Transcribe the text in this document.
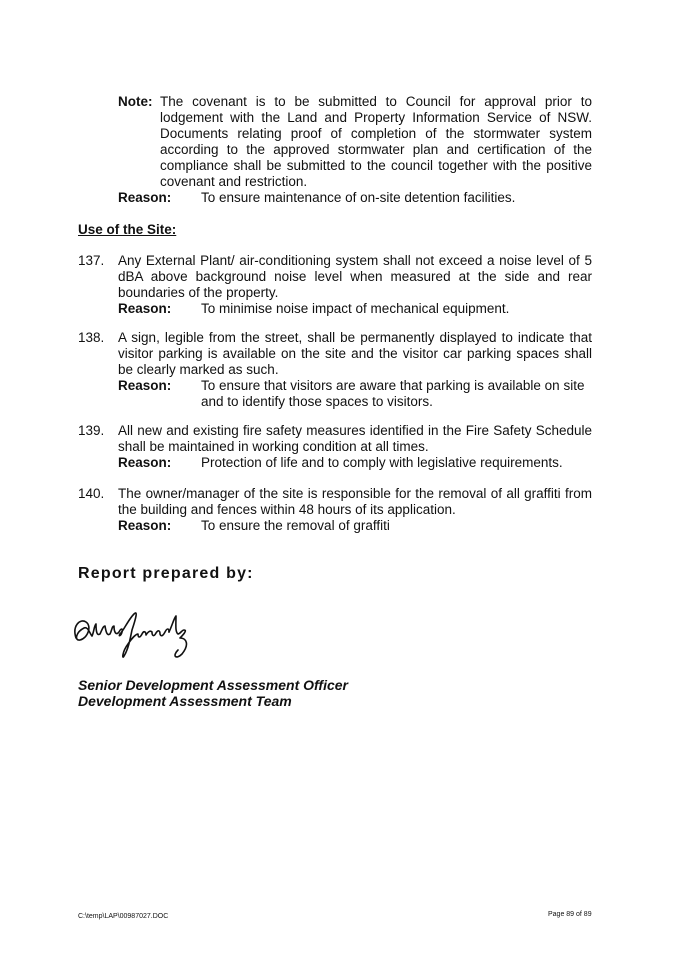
Note: The covenant is to be submitted to Council for approval prior to lodgement with the Land and Property Information Service of NSW. Documents relating proof of completion of the stormwater system according to the approved stormwater plan and certification of the compliance shall be submitted to the council together with the positive covenant and restriction.
Reason: To ensure maintenance of on-site detention facilities.
Use of the Site:
137. Any External Plant/ air-conditioning system shall not exceed a noise level of 5 dBA above background noise level when measured at the side and rear boundaries of the property.
Reason: To minimise noise impact of mechanical equipment.
138. A sign, legible from the street, shall be permanently displayed to indicate that visitor parking is available on the site and the visitor car parking spaces shall be clearly marked as such.
Reason: To ensure that visitors are aware that parking is available on site and to identify those spaces to visitors.
139. All new and existing fire safety measures identified in the Fire Safety Schedule shall be maintained in working condition at all times.
Reason: Protection of life and to comply with legislative requirements.
140. The owner/manager of the site is responsible for the removal of all graffiti from the building and fences within 48 hours of its application.
Reason: To ensure the removal of graffiti
Report prepared by:
Senior Development Assessment Officer
Development Assessment Team
C:\temp\LAP\00987027.DOC	Page 89 of 89
